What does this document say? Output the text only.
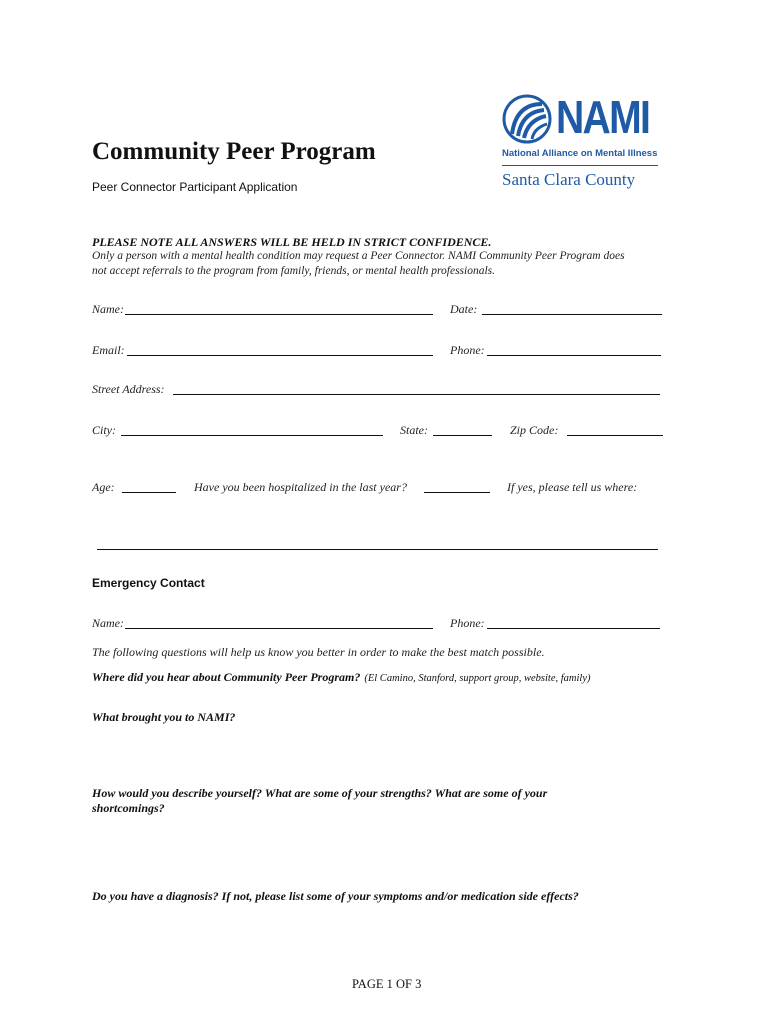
Community Peer Program
Peer Connector Participant Application
NAMI
National Alliance on Mental Illness
Santa Clara County
PLEASE NOTE ALL ANSWERS WILL BE HELD IN STRICT CONFIDENCE.
Only a person with a mental health condition may request a Peer Connector. NAMI Community Peer Program does
not accept referrals to the program from family, friends, or mental health professionals.
Name:	Date:
Email:	Phone:
Street Address:
City:	State:	Zip Code:
Age:	Have you been hospitalized in the last year?	If yes, please tell us where:
Emergency Contact
Name:	Phone:
The following questions will help us know you better in order to make the best match possible.
Where did you hear about Community Peer Program? (El Camino, Stanford, support group, website, family)
What brought you to NAMI?
How would you describe yourself? What are some of your strengths? What are some of your
shortcomings?
Do you have a diagnosis? If not, please list some of your symptoms and/or medication side effects?
PAGE 1 OF 3
